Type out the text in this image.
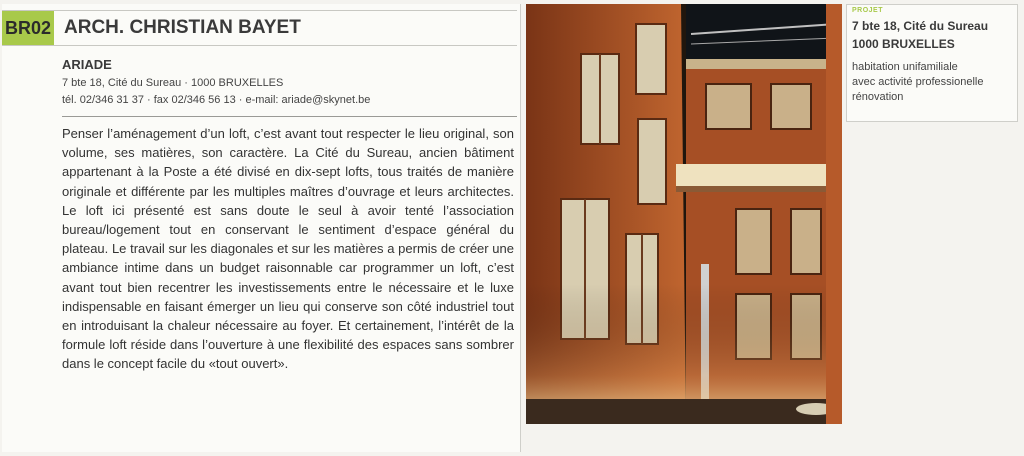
BR02 ARCH. CHRISTIAN BAYET
ARIADE
7 bte 18, Cité du Sureau · 1000 BRUXELLES
tél. 02/346 31 37 · fax 02/346 56 13 · e-mail: ariade@skynet.be
Penser l’aménagement d’un loft, c’est avant tout respecter le lieu original, son volume, ses matières, son caractère. La Cité du Sureau, ancien bâtiment appartenant à la Poste a été divisé en dix-sept lofts, tous traités de manière originale et différente par les multiples maîtres d’ouvrage et leurs architectes. Le loft ici présenté est sans doute le seul à avoir tenté l’association bureau/logement tout en conservant le sentiment d’espace général du plateau. Le travail sur les diagonales et sur les matières a permis de créer une ambiance intime dans un budget raisonnable car programmer un loft, c’est avant tout bien recentrer les investissements entre le nécessaire et le luxe indispensable en faisant émerger un lieu qui conserve son côté industriel tout en introduisant la chaleur nécessaire au foyer. Et certainement, l’intérêt de la formule loft réside dans l’ouverture à une flexibilité des espaces sans sombrer dans le concept facile du «tout ouvert».
PROJET
7 bte 18, Cité du Sureau
1000 BRUXELLES
habitation unifamiliale
avec activité professionelle
rénovation
